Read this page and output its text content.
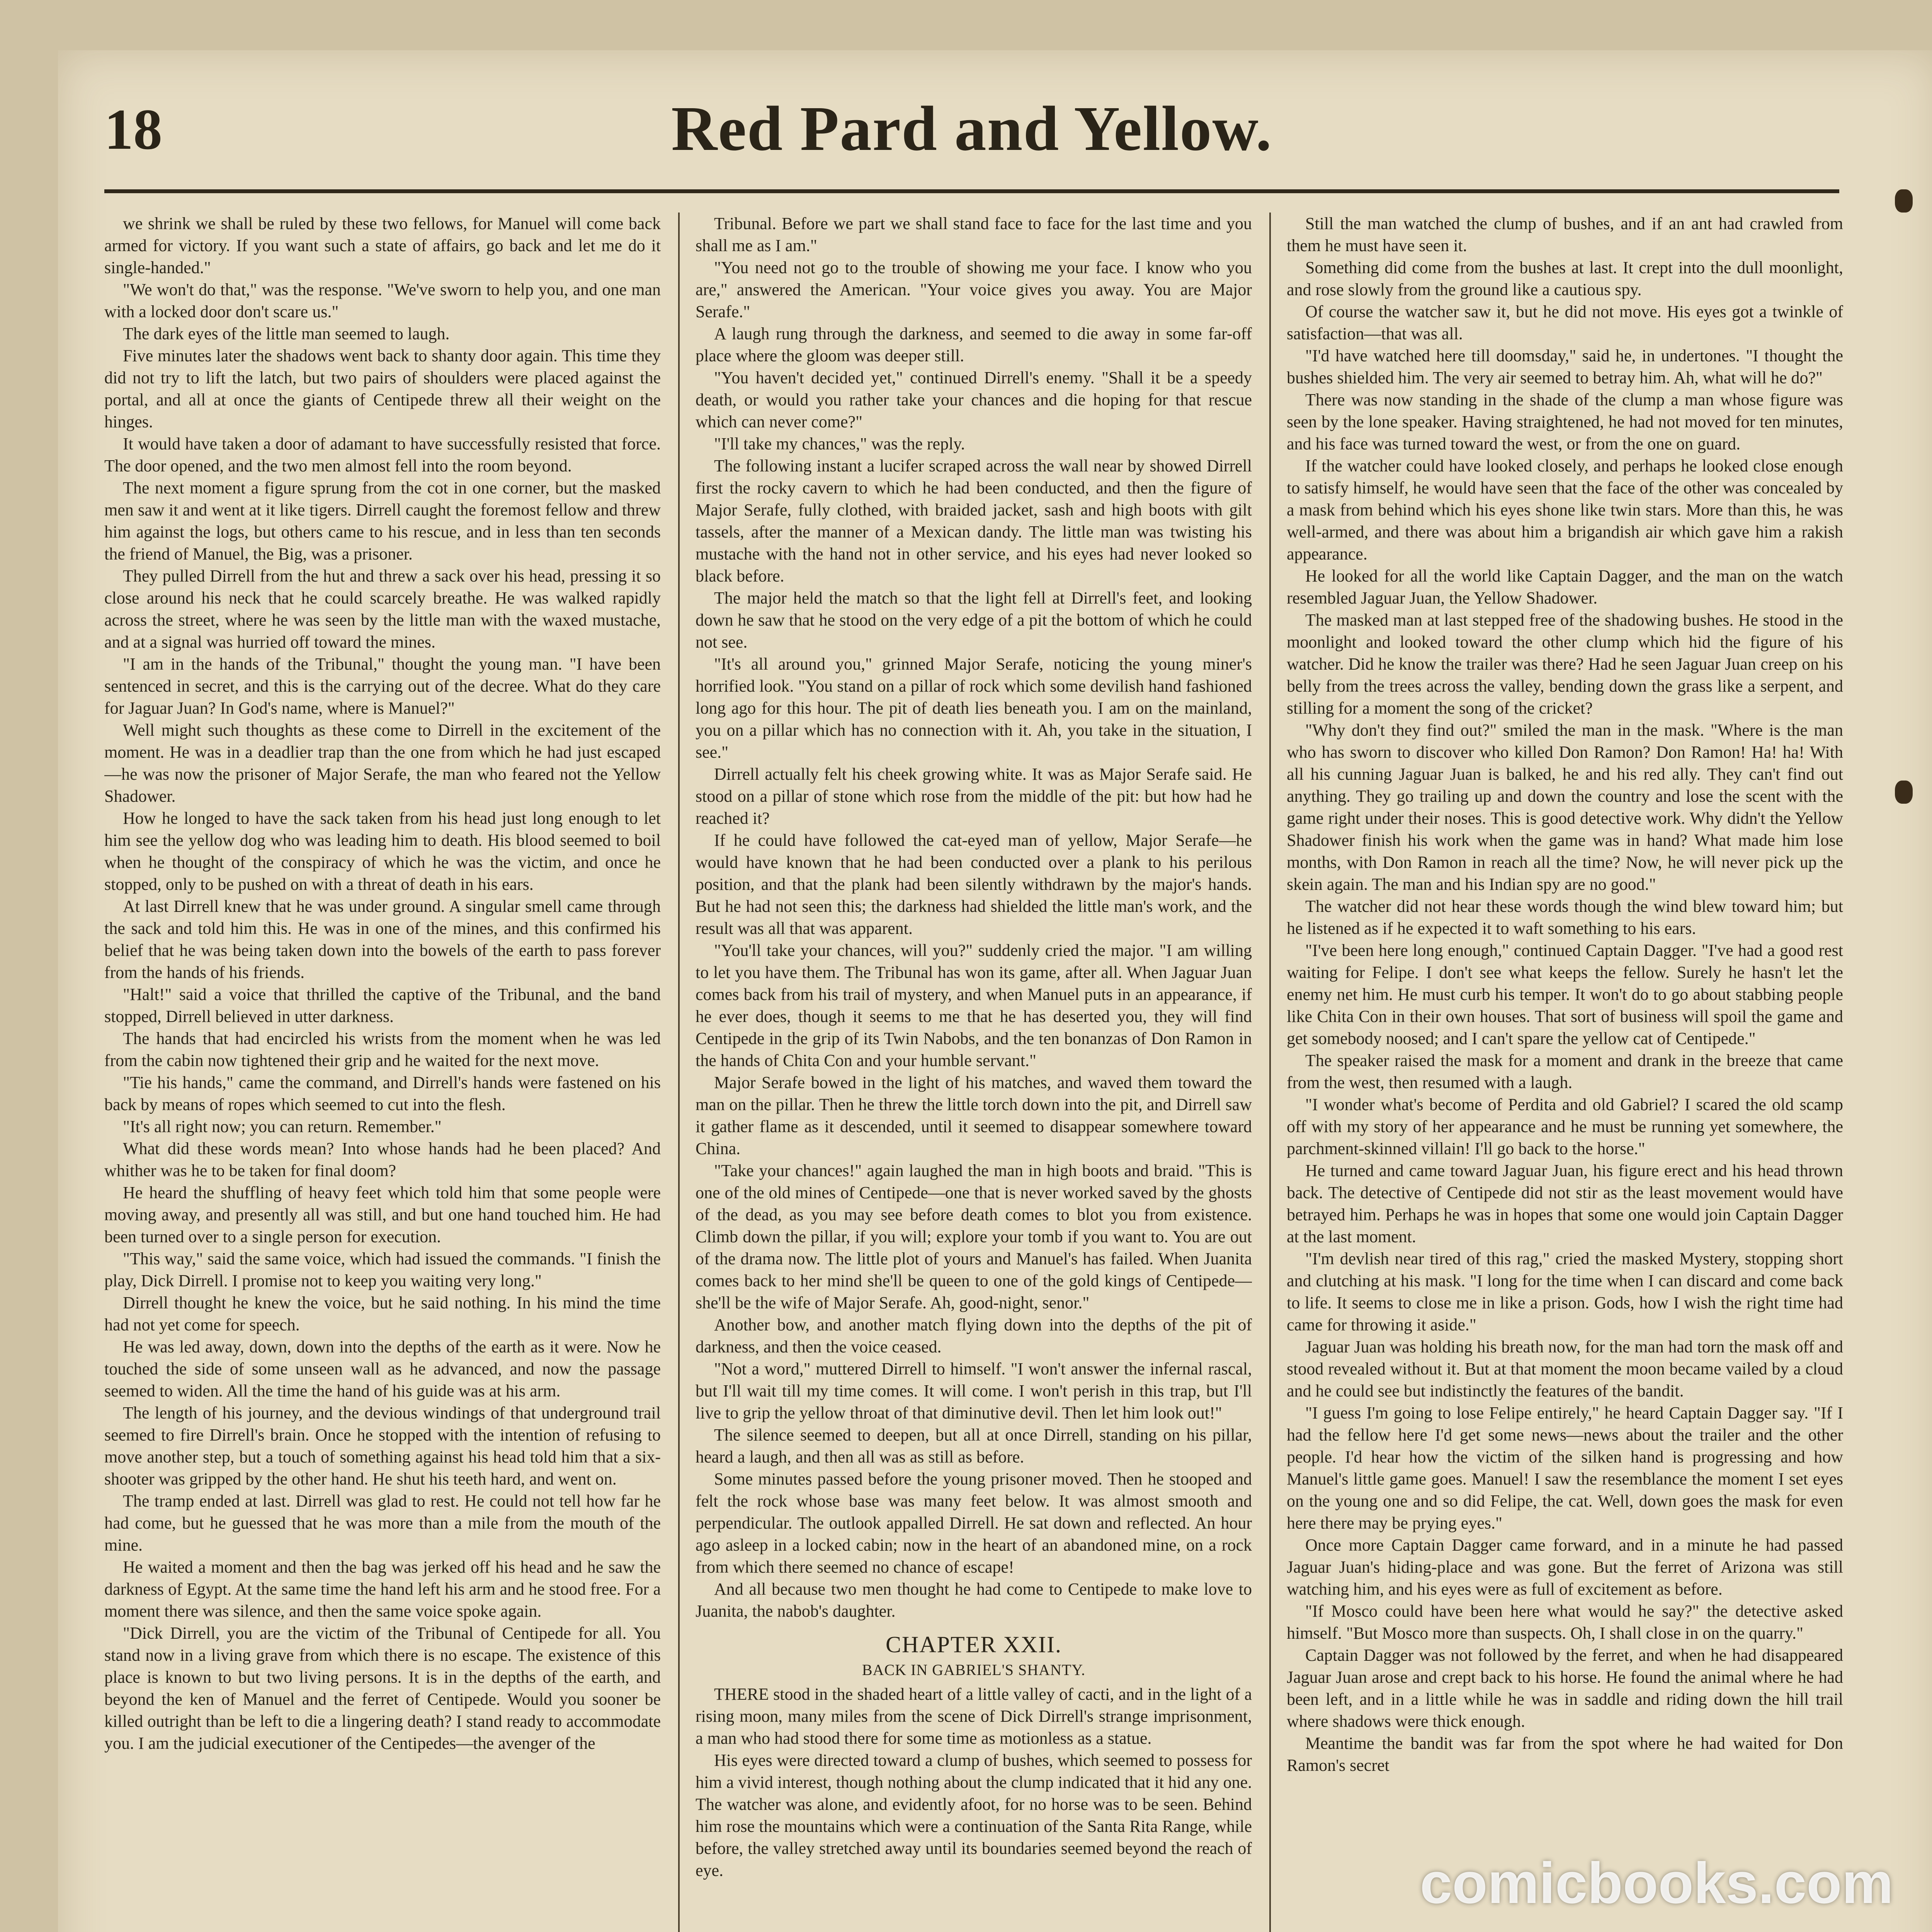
18	Red Pard and Yellow.

we shrink we shall be ruled by these two fellows, for Manuel will come back armed for victory. If you want such a state of affairs, go back and let me do it single-handed."

"We won't do that," was the response. "We've sworn to help you, and one man with a locked door don't scare us."

The dark eyes of the little man seemed to laugh.

Five minutes later the shadows went back to shanty door again. This time they did not try to lift the latch, but two pairs of shoulders were placed against the portal, and all at once the giants of Centipede threw all their weight on the hinges.

It would have taken a door of adamant to have successfully resisted that force. The door opened, and the two men almost fell into the room beyond.

The next moment a figure sprung from the cot in one corner, but the masked men saw it and went at it like tigers. Dirrell caught the foremost fellow and threw him against the logs, but others came to his rescue, and in less than ten seconds the friend of Manuel, the Big, was a prisoner.

They pulled Dirrell from the hut and threw a sack over his head, pressing it so close around his neck that he could scarcely breathe. He was walked rapidly across the street, where he was seen by the little man with the waxed mustache, and at a signal was hurried off toward the mines.

"I am in the hands of the Tribunal," thought the young man. "I have been sentenced in secret, and this is the carrying out of the decree. What do they care for Jaguar Juan? In God's name, where is Manuel?"

Well might such thoughts as these come to Dirrell in the excitement of the moment. He was in a deadlier trap than the one from which he had just escaped—he was now the prisoner of Major Serafe, the man who feared not the Yellow Shadower.

How he longed to have the sack taken from his head just long enough to let him see the yellow dog who was leading him to death. His blood seemed to boil when he thought of the conspiracy of which he was the victim, and once he stopped, only to be pushed on with a threat of death in his ears.

At last Dirrell knew that he was under ground. A singular smell came through the sack and told him this. He was in one of the mines, and this confirmed his belief that he was being taken down into the bowels of the earth to pass forever from the hands of his friends.

"Halt!" said a voice that thrilled the captive of the Tribunal, and the band stopped, Dirrell believed in utter darkness.

The hands that had encircled his wrists from the moment when he was led from the cabin now tightened their grip and he waited for the next move.

"Tie his hands," came the command, and Dirrell's hands were fastened on his back by means of ropes which seemed to cut into the flesh.

"It's all right now; you can return. Remember."

What did these words mean? Into whose hands had he been placed? And whither was he to be taken for final doom?

He heard the shuffling of heavy feet which told him that some people were moving away, and presently all was still, and but one hand touched him. He had been turned over to a single person for execution.

"This way," said the same voice, which had issued the commands. "I finish the play, Dick Dirrell. I promise not to keep you waiting very long."

Dirrell thought he knew the voice, but he said nothing. In his mind the time had not yet come for speech.

He was led away, down, down into the depths of the earth as it were. Now he touched the side of some unseen wall as he advanced, and now the passage seemed to widen. All the time the hand of his guide was at his arm.

The length of his journey, and the devious windings of that underground trail seemed to fire Dirrell's brain. Once he stopped with the intention of refusing to move another step, but a touch of something against his head told him that a six-shooter was gripped by the other hand. He shut his teeth hard, and went on.

The tramp ended at last. Dirrell was glad to rest. He could not tell how far he had come, but he guessed that he was more than a mile from the mouth of the mine.

He waited a moment and then the bag was jerked off his head and he saw the darkness of Egypt. At the same time the hand left his arm and he stood free. For a moment there was silence, and then the same voice spoke again.

"Dick Dirrell, you are the victim of the Tribunal of Centipede for all. You stand now in a living grave from which there is no escape. The existence of this place is known to but two living persons. It is in the depths of the earth, and beyond the ken of Manuel and the ferret of Centipede. Would you sooner be killed outright than be left to die a lingering death? I stand ready to accommodate you. I am the judicial executioner of the Centipedes—the avenger of the

Tribunal. Before we part we shall stand face to face for the last time and you shall me as I am."

"You need not go to the trouble of showing me your face. I know who you are," answered the American. "Your voice gives you away. You are Major Serafe."

A laugh rung through the darkness, and seemed to die away in some far-off place where the gloom was deeper still.

"You haven't decided yet," continued Dirrell's enemy. "Shall it be a speedy death, or would you rather take your chances and die hoping for that rescue which can never come?"

"I'll take my chances," was the reply.

The following instant a lucifer scraped across the wall near by showed Dirrell first the rocky cavern to which he had been conducted, and then the figure of Major Serafe, fully clothed, with braided jacket, sash and high boots with gilt tassels, after the manner of a Mexican dandy. The little man was twisting his mustache with the hand not in other service, and his eyes had never looked so black before.

The major held the match so that the light fell at Dirrell's feet, and looking down he saw that he stood on the very edge of a pit the bottom of which he could not see.

"It's all around you," grinned Major Serafe, noticing the young miner's horrified look. "You stand on a pillar of rock which some devilish hand fashioned long ago for this hour. The pit of death lies beneath you. I am on the mainland, you on a pillar which has no connection with it. Ah, you take in the situation, I see."

Dirrell actually felt his cheek growing white. It was as Major Serafe said. He stood on a pillar of stone which rose from the middle of the pit: but how had he reached it?

If he could have followed the cat-eyed man of yellow, Major Serafe—he would have known that he had been conducted over a plank to his perilous position, and that the plank had been silently withdrawn by the major's hands. But he had not seen this; the darkness had shielded the little man's work, and the result was all that was apparent.

"You'll take your chances, will you?" suddenly cried the major. "I am willing to let you have them. The Tribunal has won its game, after all. When Jaguar Juan comes back from his trail of mystery, and when Manuel puts in an appearance, if he ever does, though it seems to me that he has deserted you, they will find Centipede in the grip of its Twin Nabobs, and the ten bonanzas of Don Ramon in the hands of Chita Con and your humble servant."

Major Serafe bowed in the light of his matches, and waved them toward the man on the pillar. Then he threw the little torch down into the pit, and Dirrell saw it gather flame as it descended, until it seemed to disappear somewhere toward China.

"Take your chances!" again laughed the man in high boots and braid. "This is one of the old mines of Centipede—one that is never worked saved by the ghosts of the dead, as you may see before death comes to blot you from existence. Climb down the pillar, if you will; explore your tomb if you want to. You are out of the drama now. The little plot of yours and Manuel's has failed. When Juanita comes back to her mind she'll be queen to one of the gold kings of Centipede—she'll be the wife of Major Serafe. Ah, good-night, senor."

Another bow, and another match flying down into the depths of the pit of darkness, and then the voice ceased.

"Not a word," muttered Dirrell to himself. "I won't answer the infernal rascal, but I'll wait till my time comes. It will come. I won't perish in this trap, but I'll live to grip the yellow throat of that diminutive devil. Then let him look out!"

The silence seemed to deepen, but all at once Dirrell, standing on his pillar, heard a laugh, and then all was as still as before.

Some minutes passed before the young prisoner moved. Then he stooped and felt the rock whose base was many feet below. It was almost smooth and perpendicular. The outlook appalled Dirrell. He sat down and reflected. An hour ago asleep in a locked cabin; now in the heart of an abandoned mine, on a rock from which there seemed no chance of escape!

And all because two men thought he had come to Centipede to make love to Juanita, the nabob's daughter.

CHAPTER XXII.
BACK IN GABRIEL'S SHANTY.

THERE stood in the shaded heart of a little valley of cacti, and in the light of a rising moon, many miles from the scene of Dick Dirrell's strange imprisonment, a man who had stood there for some time as motionless as a statue.

His eyes were directed toward a clump of bushes, which seemed to possess for him a vivid interest, though nothing about the clump indicated that it hid any one. The watcher was alone, and evidently afoot, for no horse was to be seen. Behind him rose the mountains which were a continuation of the Santa Rita Range, while before, the valley stretched away until its boundaries seemed beyond the reach of eye.

Still the man watched the clump of bushes, and if an ant had crawled from them he must have seen it.

Something did come from the bushes at last. It crept into the dull moonlight, and rose slowly from the ground like a cautious spy.

Of course the watcher saw it, but he did not move. His eyes got a twinkle of satisfaction—that was all.

"I'd have watched here till doomsday," said he, in undertones. "I thought the bushes shielded him. The very air seemed to betray him. Ah, what will he do?"

There was now standing in the shade of the clump a man whose figure was seen by the lone speaker. Having straightened, he had not moved for ten minutes, and his face was turned toward the west, or from the one on guard.

If the watcher could have looked closely, and perhaps he looked close enough to satisfy himself, he would have seen that the face of the other was concealed by a mask from behind which his eyes shone like twin stars. More than this, he was well-armed, and there was about him a brigandish air which gave him a rakish appearance.

He looked for all the world like Captain Dagger, and the man on the watch resembled Jaguar Juan, the Yellow Shadower.

The masked man at last stepped free of the shadowing bushes. He stood in the moonlight and looked toward the other clump which hid the figure of his watcher. Did he know the trailer was there? Had he seen Jaguar Juan creep on his belly from the trees across the valley, bending down the grass like a serpent, and stilling for a moment the song of the cricket?

"Why don't they find out?" smiled the man in the mask. "Where is the man who has sworn to discover who killed Don Ramon? Don Ramon! Ha! ha! With all his cunning Jaguar Juan is balked, he and his red ally. They can't find out anything. They go trailing up and down the country and lose the scent with the game right under their noses. This is good detective work. Why didn't the Yellow Shadower finish his work when the game was in hand? What made him lose months, with Don Ramon in reach all the time? Now, he will never pick up the skein again. The man and his Indian spy are no good."

The watcher did not hear these words though the wind blew toward him; but he listened as if he expected it to waft something to his ears.

"I've been here long enough," continued Captain Dagger. "I've had a good rest waiting for Felipe. I don't see what keeps the fellow. Surely he hasn't let the enemy net him. He must curb his temper. It won't do to go about stabbing people like Chita Con in their own houses. That sort of business will spoil the game and get somebody noosed; and I can't spare the yellow cat of Centipede."

The speaker raised the mask for a moment and drank in the breeze that came from the west, then resumed with a laugh.

"I wonder what's become of Perdita and old Gabriel? I scared the old scamp off with my story of her appearance and he must be running yet somewhere, the parchment-skinned villain! I'll go back to the horse."

He turned and came toward Jaguar Juan, his figure erect and his head thrown back. The detective of Centipede did not stir as the least movement would have betrayed him. Perhaps he was in hopes that some one would join Captain Dagger at the last moment.

"I'm devlish near tired of this rag," cried the masked Mystery, stopping short and clutching at his mask. "I long for the time when I can discard and come back to life. It seems to close me in like a prison. Gods, how I wish the right time had came for throwing it aside."

Jaguar Juan was holding his breath now, for the man had torn the mask off and stood revealed without it. But at that moment the moon became vailed by a cloud and he could see but indistinctly the features of the bandit.

"I guess I'm going to lose Felipe entirely," he heard Captain Dagger say. "If I had the fellow here I'd get some news—news about the trailer and the other people. I'd hear how the victim of the silken hand is progressing and how Manuel's little game goes. Manuel! I saw the resemblance the moment I set eyes on the young one and so did Felipe, the cat. Well, down goes the mask for even here there may be prying eyes."

Once more Captain Dagger came forward, and in a minute he had passed Jaguar Juan's hiding-place and was gone. But the ferret of Arizona was still watching him, and his eyes were as full of excitement as before.

"If Mosco could have been here what would he say?" the detective asked himself. "But Mosco more than suspects. Oh, I shall close in on the quarry."

Captain Dagger was not followed by the ferret, and when he had disappeared Jaguar Juan arose and crept back to his horse. He found the animal where he had been left, and in a little while he was in saddle and riding down the hill trail where shadows were thick enough.

Meantime the bandit was far from the spot where he had waited for Don Ramon's secret

comicbooks.com
